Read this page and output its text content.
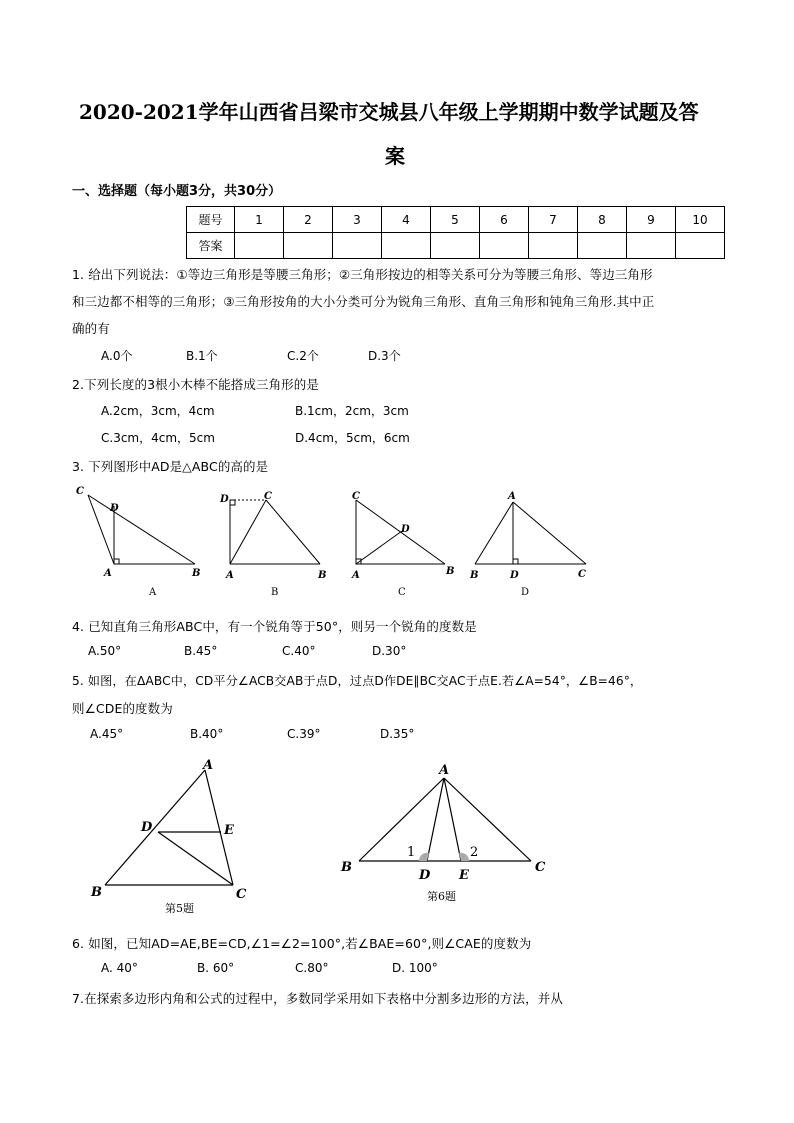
2020-2021学年山西省吕梁市交城县八年级上学期期中数学试题及答
案
一、选择题（每小题3分，共30分）
题号	1	2	3	4	5	6	7	8	9	10
答案										
1. 给出下列说法：①等边三角形是等腰三角形；②三角形按边的相等关系可分为等腰三角形、等边三角形
和三边都不相等的三角形；③三角形按角的大小分类可分为锐角三角形、直角三角形和钝角三角形.其中正
确的有
A.0个	B.1个	C.2个	D.3个
2.下列长度的3根小木棒不能搭成三角形的是
A.2cm，3cm，4cm	B.1cm，2cm，3cm
C.3cm，4cm，5cm	D.4cm，5cm，6cm
3. 下列图形中AD是△ABC的高的是
C
D
A	B
D	C
A	B
C
D
A	B
A
B	D	C
A	B	C	D
4. 已知直角三角形ABC中，有一个锐角等于50°，则另一个锐角的度数是
A.50°	B.45°	C.40°	D.30°
5. 如图，在ΔABC中，CD平分∠ACB交AB于点D，过点D作DE∥BC交AC于点E.若∠A=54°，∠B=46°，
则∠CDE的度数为
A.45°	B.40°	C.39°	D.35°
A
D	E
B	C
第5题
A
B	C
D E
1	2
第6题
6. 如图，已知AD=AE,BE=CD,∠1=∠2=100°,若∠BAE=60°,则∠CAE的度数为
A. 40°	B. 60°	C.80°	D. 100°
7.在探索多边形内角和公式的过程中，多数同学采用如下表格中分割多边形的方法，并从
